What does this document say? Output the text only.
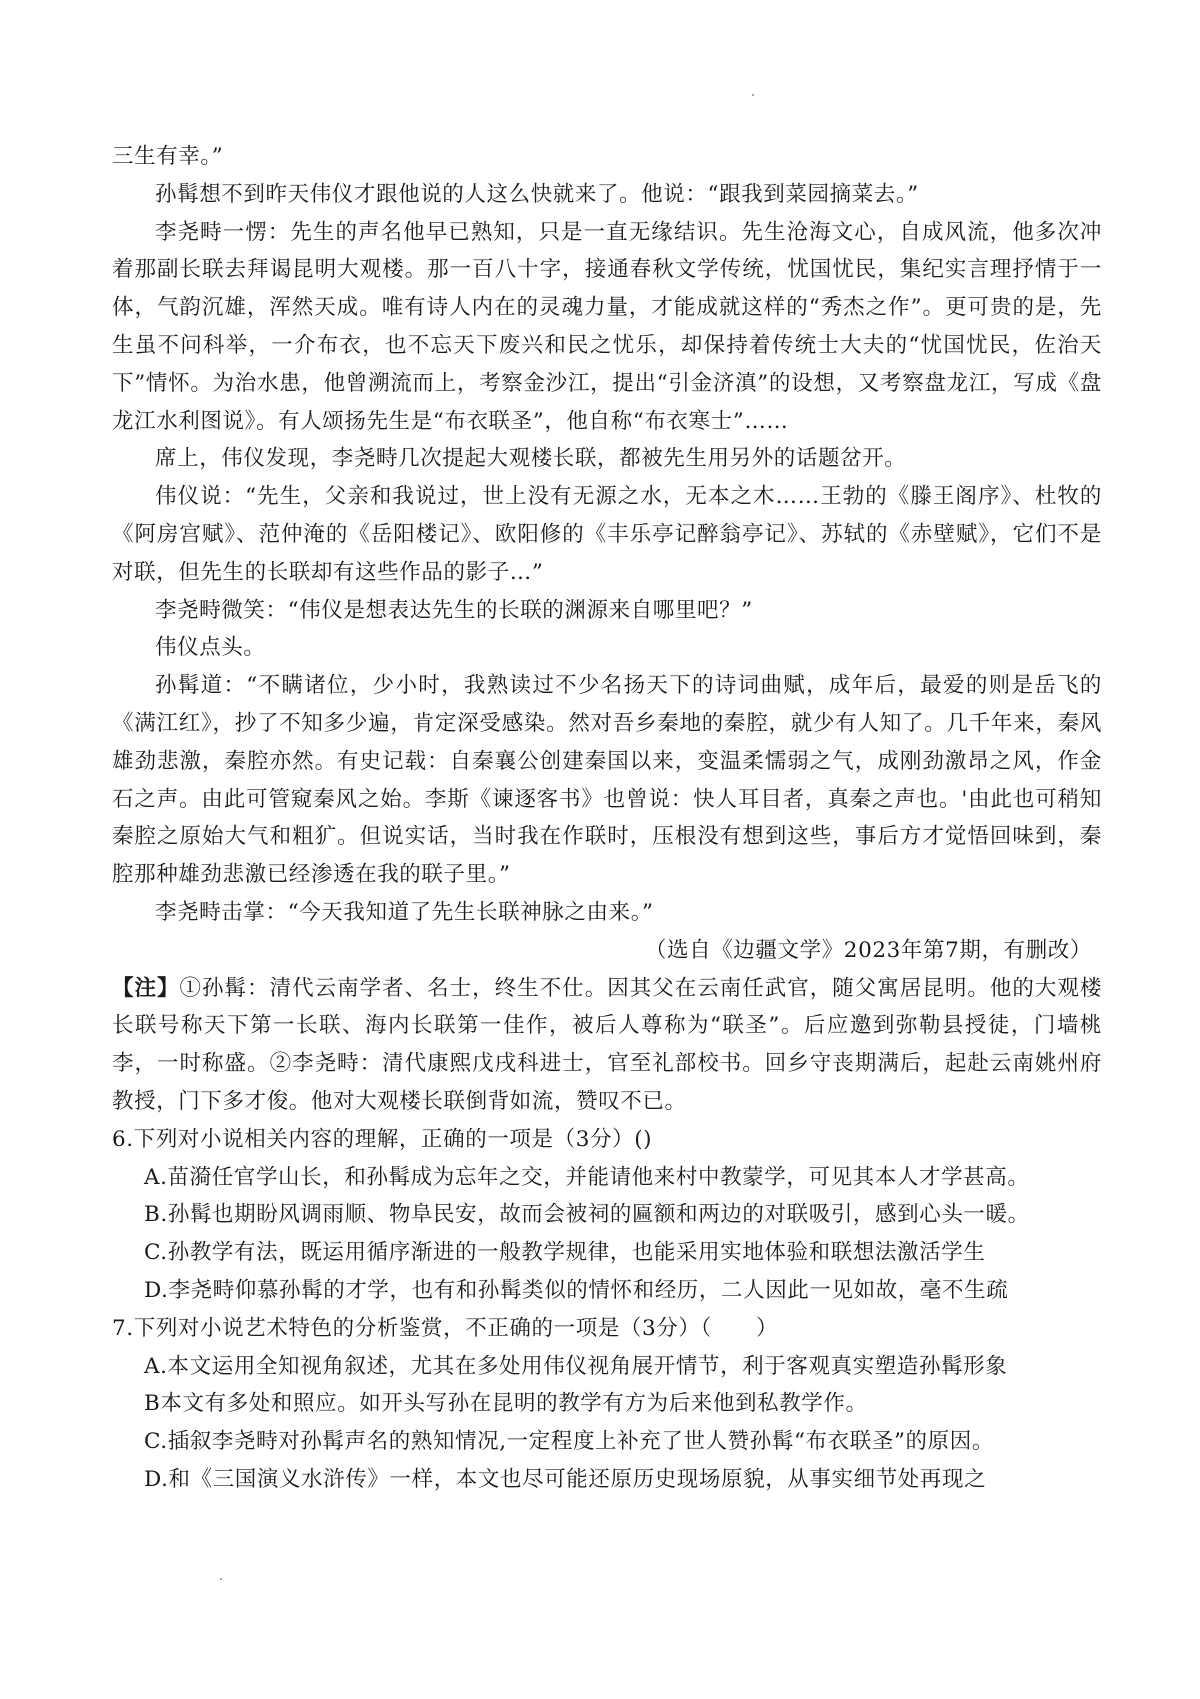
三生有幸。”

孙髯想不到昨天伟仪才跟他说的人这么快就来了。他说：“跟我到菜园摘菜去。”

李尧畤一愣：先生的声名他早已熟知，只是一直无缘结识。先生沧海文心，自成风流，他多次冲着那副长联去拜谒昆明大观楼。那一百八十字，接通春秋文学传统，忧国忧民，集纪实言理抒情于一体，气韵沉雄，浑然天成。唯有诗人内在的灵魂力量，才能成就这样的“秀杰之作”。更可贵的是，先生虽不问科举，一介布衣，也不忘天下废兴和民之忧乐，却保持着传统士大夫的“忧国忧民，佐治天下”情怀。为治水患，他曾溯流而上，考察金沙江，提出“引金济滇”的设想，又考察盘龙江，写成《盘龙江水利图说》。有人颂扬先生是“布衣联圣”，他自称“布衣寒士”……

席上，伟仪发现，李尧畤几次提起大观楼长联，都被先生用另外的话题岔开。

伟仪说：“先生，父亲和我说过，世上没有无源之水，无本之木……王勃的《滕王阁序》、杜牧的《阿房宫赋》、范仲淹的《岳阳楼记》、欧阳修的《丰乐亭记醉翁亭记》、苏轼的《赤壁赋》，它们不是对联，但先生的长联却有这些作品的影子…”

李尧畤微笑：“伟仪是想表达先生的长联的渊源来自哪里吧？”

伟仪点头。

孙髯道：“不瞒诸位，少小时，我熟读过不少名扬天下的诗词曲赋，成年后，最爱的则是岳飞的《满江红》，抄了不知多少遍，肯定深受感染。然对吾乡秦地的秦腔，就少有人知了。几千年来，秦风雄劲悲激，秦腔亦然。有史记载：自秦襄公创建秦国以来，变温柔懦弱之气，成刚劲激昂之风，作金石之声。由此可管窥秦风之始。李斯《谏逐客书》也曾说：快人耳目者，真秦之声也。'由此也可稍知秦腔之原始大气和粗犷。但说实话，当时我在作联时，压根没有想到这些，事后方才觉悟回味到，秦腔那种雄劲悲激已经渗透在我的联子里。”

李尧畤击掌：“今天我知道了先生长联神脉之由来。”

（选自《边疆文学》2023年第7期，有删改）

【注】①孙髯：清代云南学者、名士，终生不仕。因其父在云南任武官，随父寓居昆明。他的大观楼长联号称天下第一长联、海内长联第一佳作，被后人尊称为“联圣”。后应邀到弥勒县授徒，门墙桃李，一时称盛。②李尧畤：清代康熙戊戌科进士，官至礼部校书。回乡守丧期满后，起赴云南姚州府教授，门下多才俊。他对大观楼长联倒背如流，赞叹不已。

6.下列对小说相关内容的理解，正确的一项是（3分）()

A.苗漪任官学山长，和孙髯成为忘年之交，并能请他来村中教蒙学，可见其本人才学甚高。

B.孙髯也期盼风调雨顺、物阜民安，故而会被祠的匾额和两边的对联吸引，感到心头一暖。

C.孙教学有法，既运用循序渐进的一般教学规律，也能采用实地体验和联想法激活学生

D.李尧畤仰慕孙髯的才学，也有和孙髯类似的情怀和经历，二人因此一见如故，毫不生疏

7.下列对小说艺术特色的分析鉴赏，不正确的一项是（3分）（　　）

A.本文运用全知视角叙述，尤其在多处用伟仪视角展开情节，利于客观真实塑造孙髯形象

B本文有多处和照应。如开头写孙在昆明的教学有方为后来他到私教学作。

C.插叙李尧畤对孙髯声名的熟知情况,一定程度上补充了世人赞孙髯“布衣联圣”的原因。

D.和《三国演义水浒传》一样，本文也尽可能还原历史现场原貌，从事实细节处再现之
